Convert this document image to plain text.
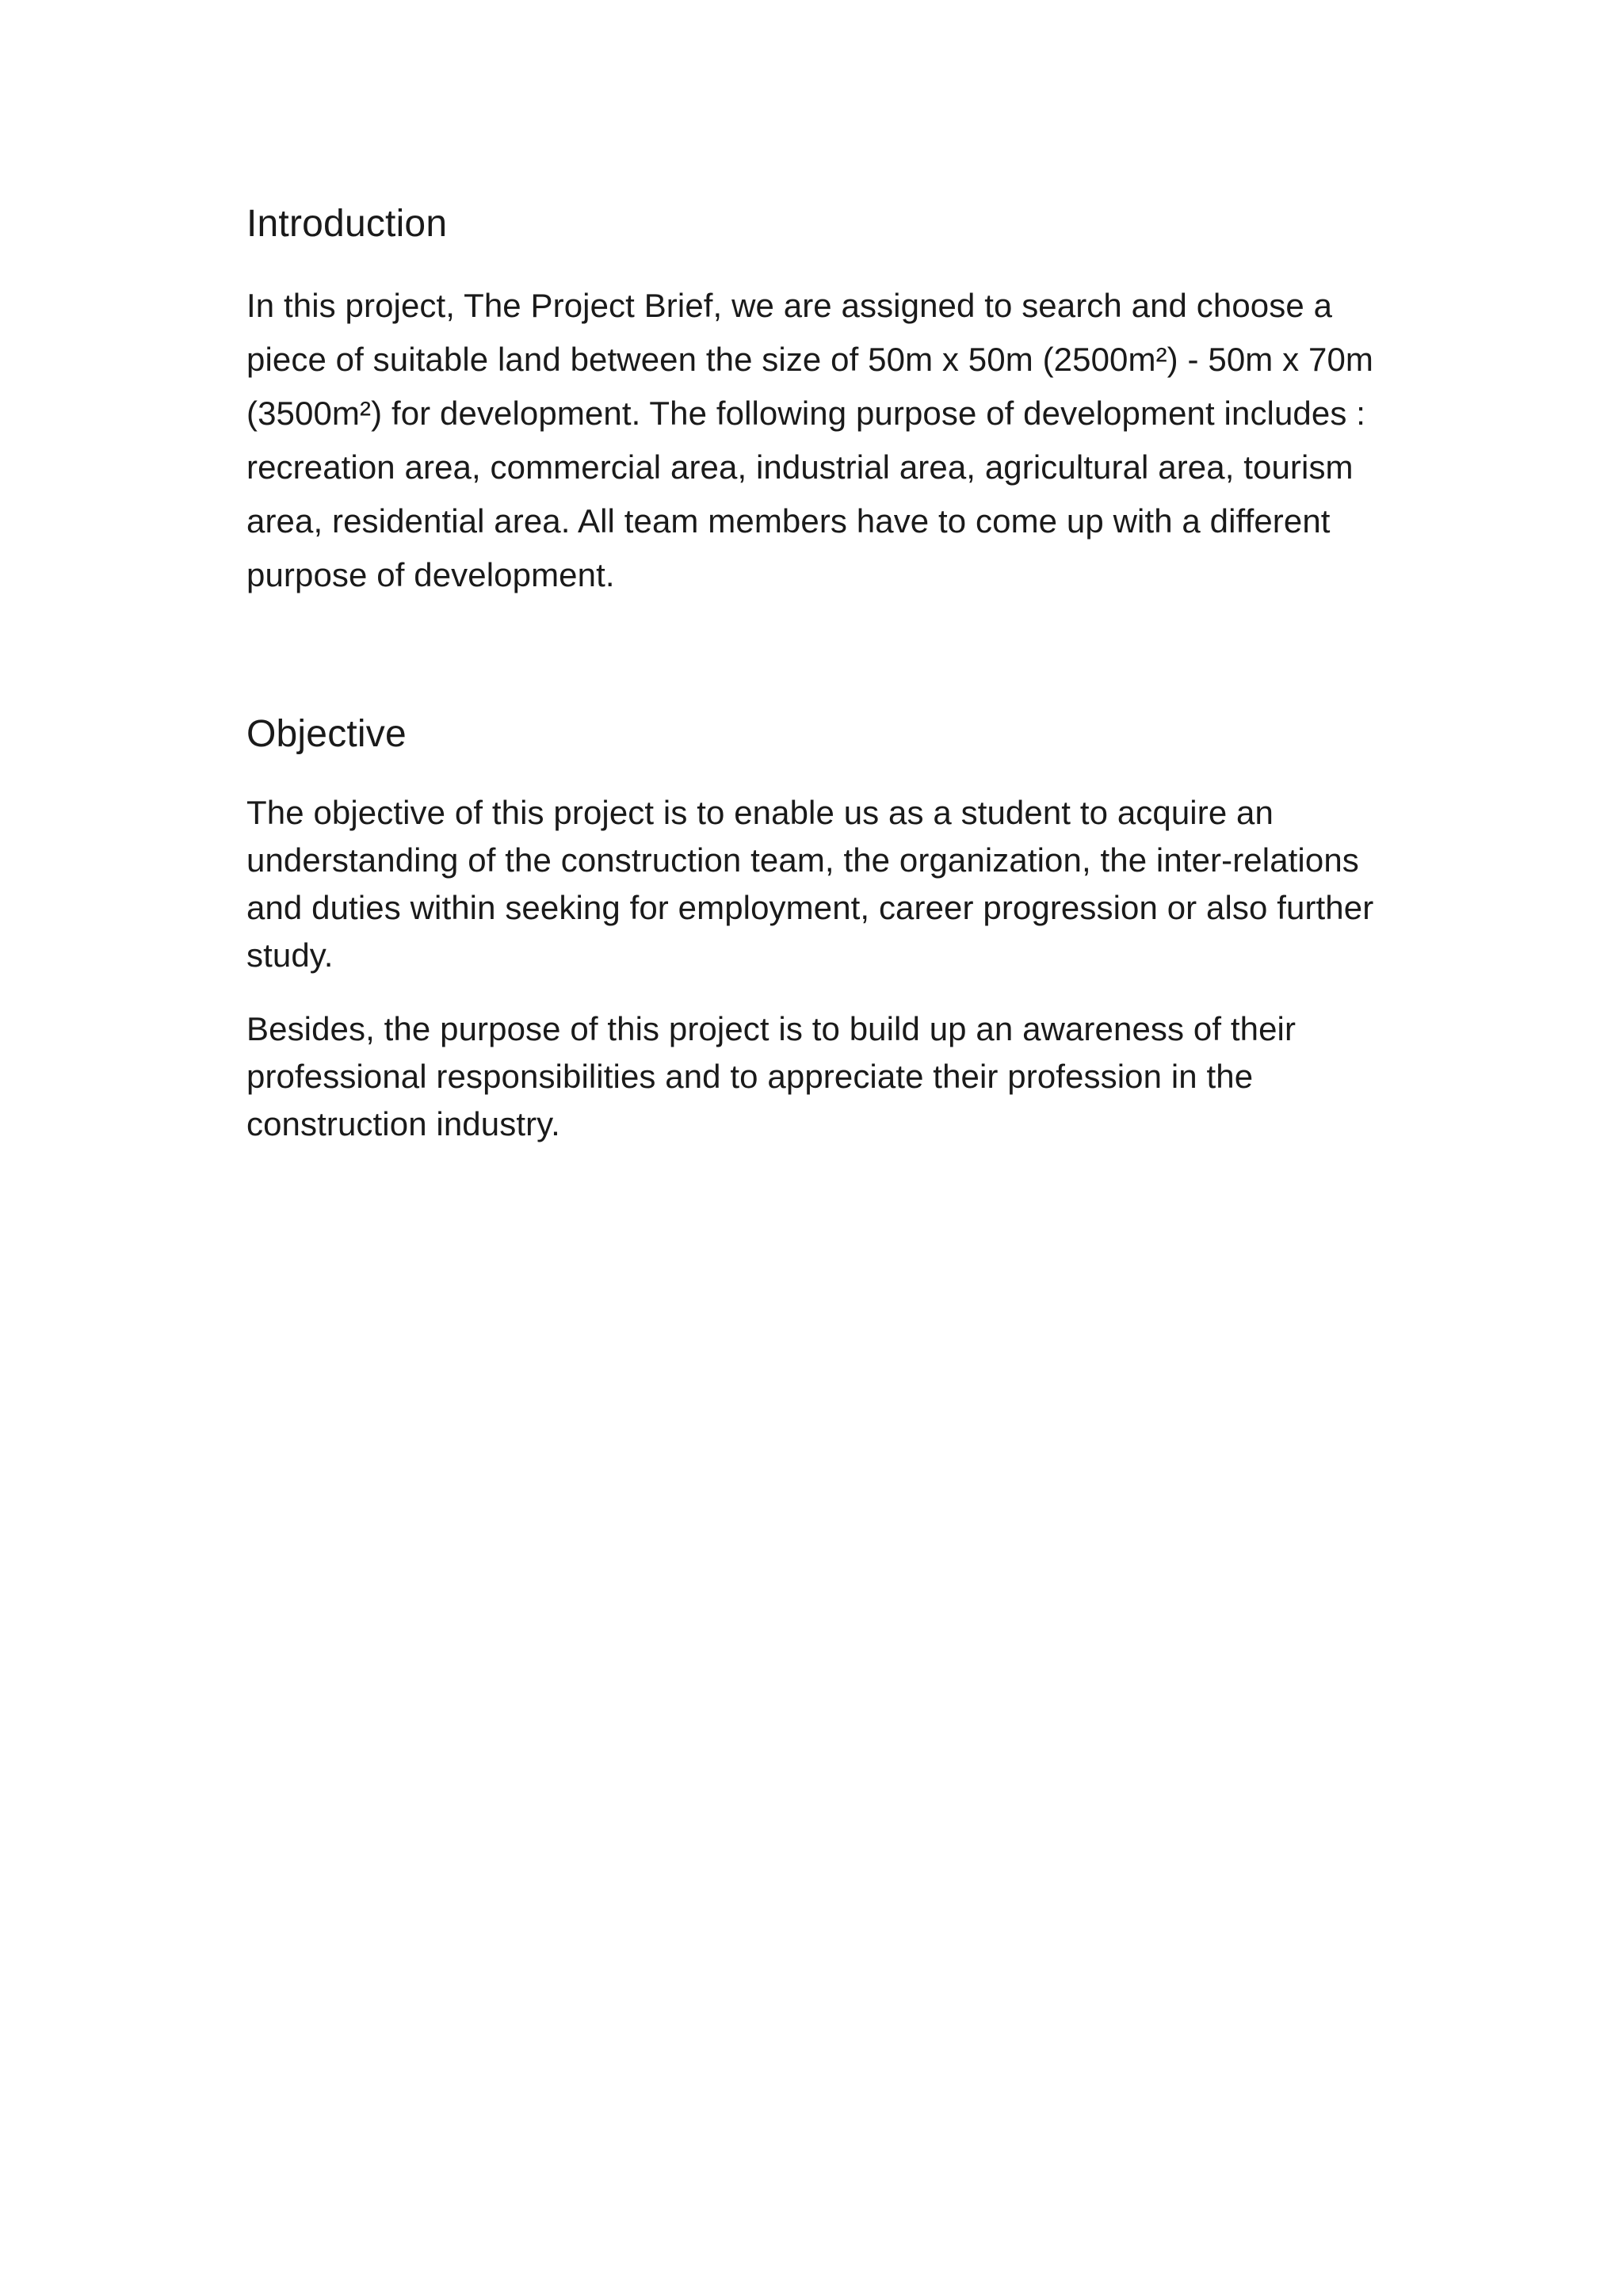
Introduction

In this project, The Project Brief, we are assigned to search and choose a piece of suitable land between the size of 50m x 50m (2500m²) - 50m x 70m (3500m²) for development. The following purpose of development includes : recreation area, commercial area, industrial area, agricultural area, tourism area, residential area. All team members have to come up with a different purpose of development.

Objective

The objective of this project is to enable us as a student to acquire an understanding of the construction team, the organization, the inter-relations and duties within seeking for employment, career progression or also further study.

Besides, the purpose of this project is to build up an awareness of their professional responsibilities and to appreciate their profession in the construction industry.
